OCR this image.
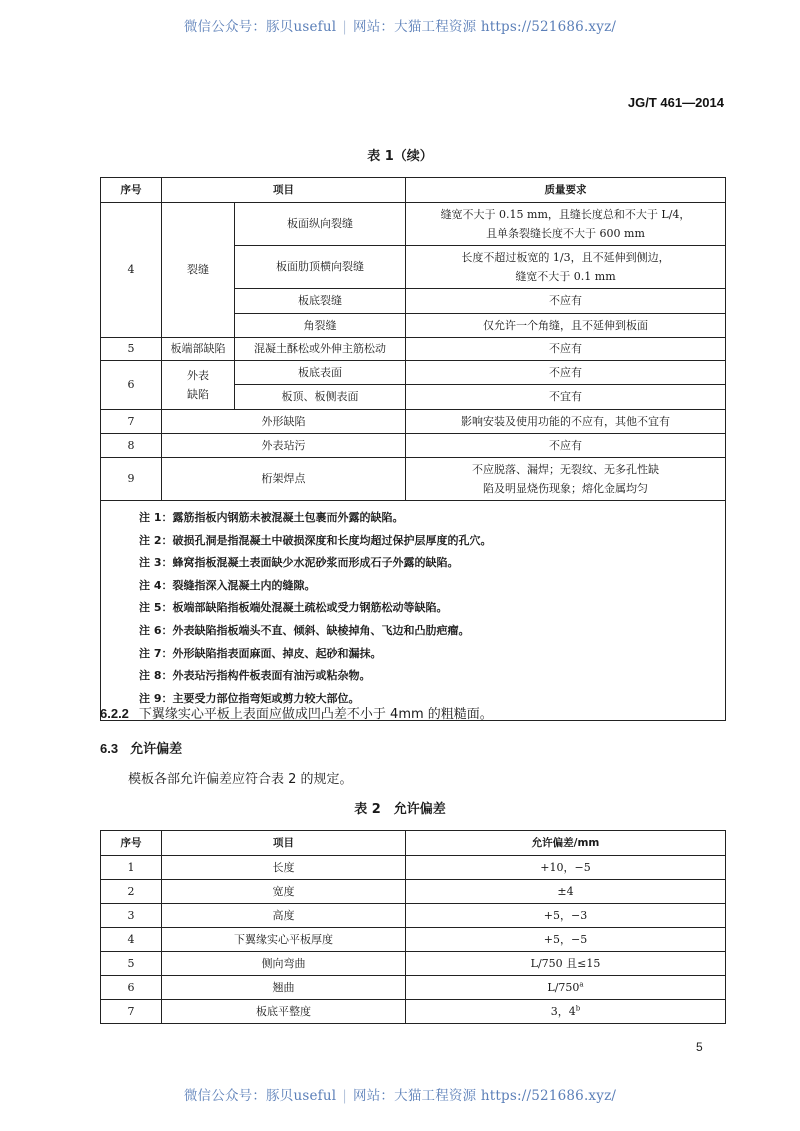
微信公众号：豚贝useful | 网站：大猫工程资源 https://521686.xyz/
JG/T 461—2014
表 1（续）
序号	项目		质量要求
4	裂缝	板面纵向裂缝	缝宽不大于 0.15 mm，且缝长度总和不大于 L/4，
且单条裂缝长度不大于 600 mm

		板面肋顶横向裂缝	长度不超过板宽的 1/3，且不延伸到侧边，
缝宽不大于 0.1 mm

		板底裂缝	不应有
		角裂缝	仅允许一个角缝，且不延伸到板面
5	板端部缺陷	混凝土酥松或外伸主筋松动	不应有
6	外表
缺陷	板底表面	不应有
		板顶、板侧表面	不宜有
7	外形缺陷		影响安装及使用功能的不应有，其他不宜有
8	外表玷污		不应有
9	桁架焊点		不应脱落、漏焊；无裂纹、无多孔性缺
陷及明显烧伤现象；熔化金属均匀

注 1：露筋指板内钢筋未被混凝土包裹而外露的缺陷。
注 2：破损孔洞是指混凝土中破损深度和长度均超过保护层厚度的孔穴。
注 3：蜂窝指板混凝土表面缺少水泥砂浆而形成石子外露的缺陷。
注 4：裂缝指深入混凝土内的缝隙。
注 5：板端部缺陷指板端处混凝土疏松或受力钢筋松动等缺陷。
注 6：外表缺陷指板端头不直、倾斜、缺棱掉角、飞边和凸肋疤瘤。
注 7：外形缺陷指表面麻面、掉皮、起砂和漏抹。
注 8：外表玷污指构件板表面有油污或粘杂物。
注 9：主要受力部位指弯矩或剪力较大部位。
6.2.2 下翼缘实心平板上表面应做成凹凸差不小于 4mm 的粗糙面。
6.3 允许偏差
模板各部允许偏差应符合表 2 的规定。
表 2　允许偏差
序号	项目	允许偏差/mm
1	长度	+10，−5
2	宽度	±4
3	高度	+5，−3
4	下翼缘实心平板厚度	+5，−5
5	侧向弯曲	L/750 且≤15
6	翘曲	L/750$^a$
7	板底平整度	3，4$^b$
5
微信公众号：豚贝useful | 网站：大猫工程资源 https://521686.xyz/
